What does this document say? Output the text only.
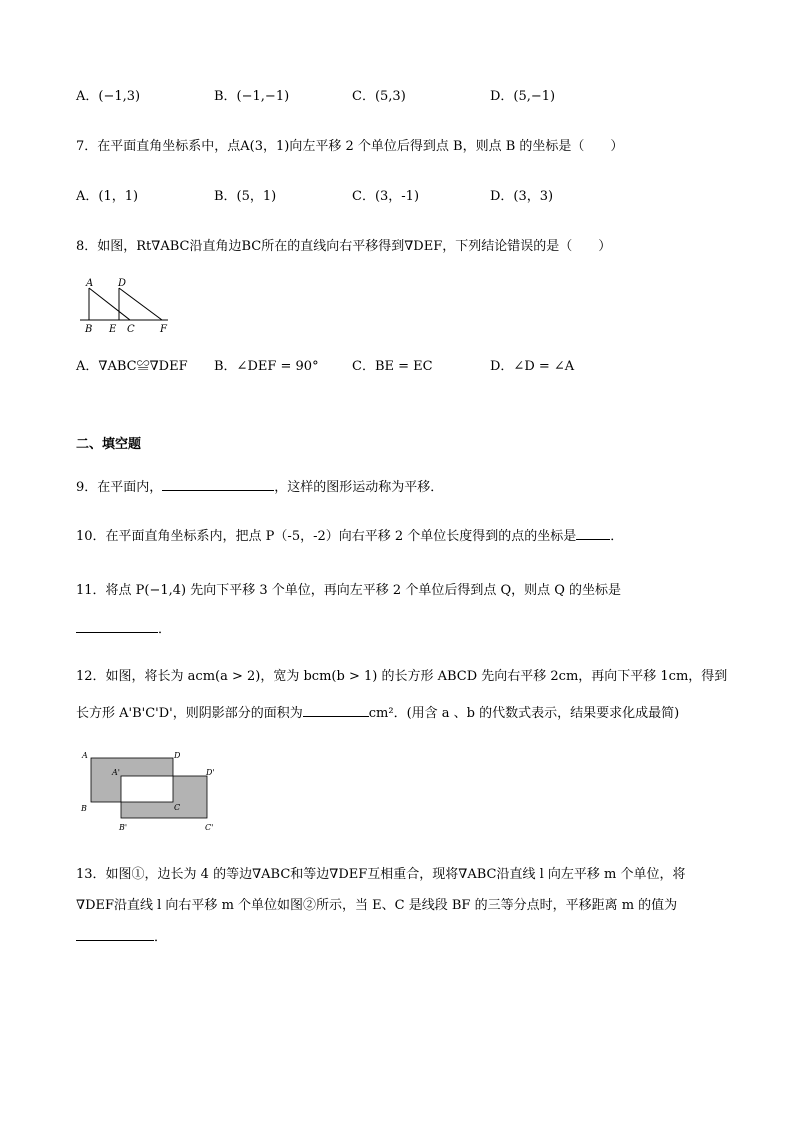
A．(−1,3)	B．(−1,−1)	C．(5,3)	D．(5,−1)
7．在平面直角坐标系中，点A(3，1)向左平移 2 个单位后得到点 B，则点 B 的坐标是（　　）
A．(1，1)	B．(5，1)	C．(3，-1)	D．(3，3)
8．如图，Rt∇ABC沿直角边BC所在的直线向右平移得到∇DEF，下列结论错误的是（　　）
A D
B E C	F
A．∇ABC≌∇DEF B．∠DEF = 90°	C．BE = EC	D．∠D = ∠A
二、填空题
9．在平面内，	，这样的图形运动称为平移．
10．在平面直角坐标系内，把点 P（-5，-2）向右平移 2 个单位长度得到的点的坐标是	．
11．将点 P(−1,4) 先向下平移 3 个单位，再向左平移 2 个单位后得到点 Q，则点 Q 的坐标是
．
12．如图，将长为 acm(a > 2)，宽为 bcm(b > 1) 的长方形 ABCD 先向右平移 2cm，再向下平移 1cm，得到
长方形 A'B'C'D'，则阴影部分的面积为	cm²．(用含 a 、b 的代数式表示，结果要求化成最简)
A	D
A'	D'
B	C
B'	C'
13．如图①，边长为 4 的等边∇ABC和等边∇DEF互相重合，现将∇ABC沿直线 l 向左平移 m 个单位，将
∇DEF沿直线 l 向右平移 m 个单位如图②所示，当 E、C 是线段 BF 的三等分点时，平移距离 m 的值为
．
